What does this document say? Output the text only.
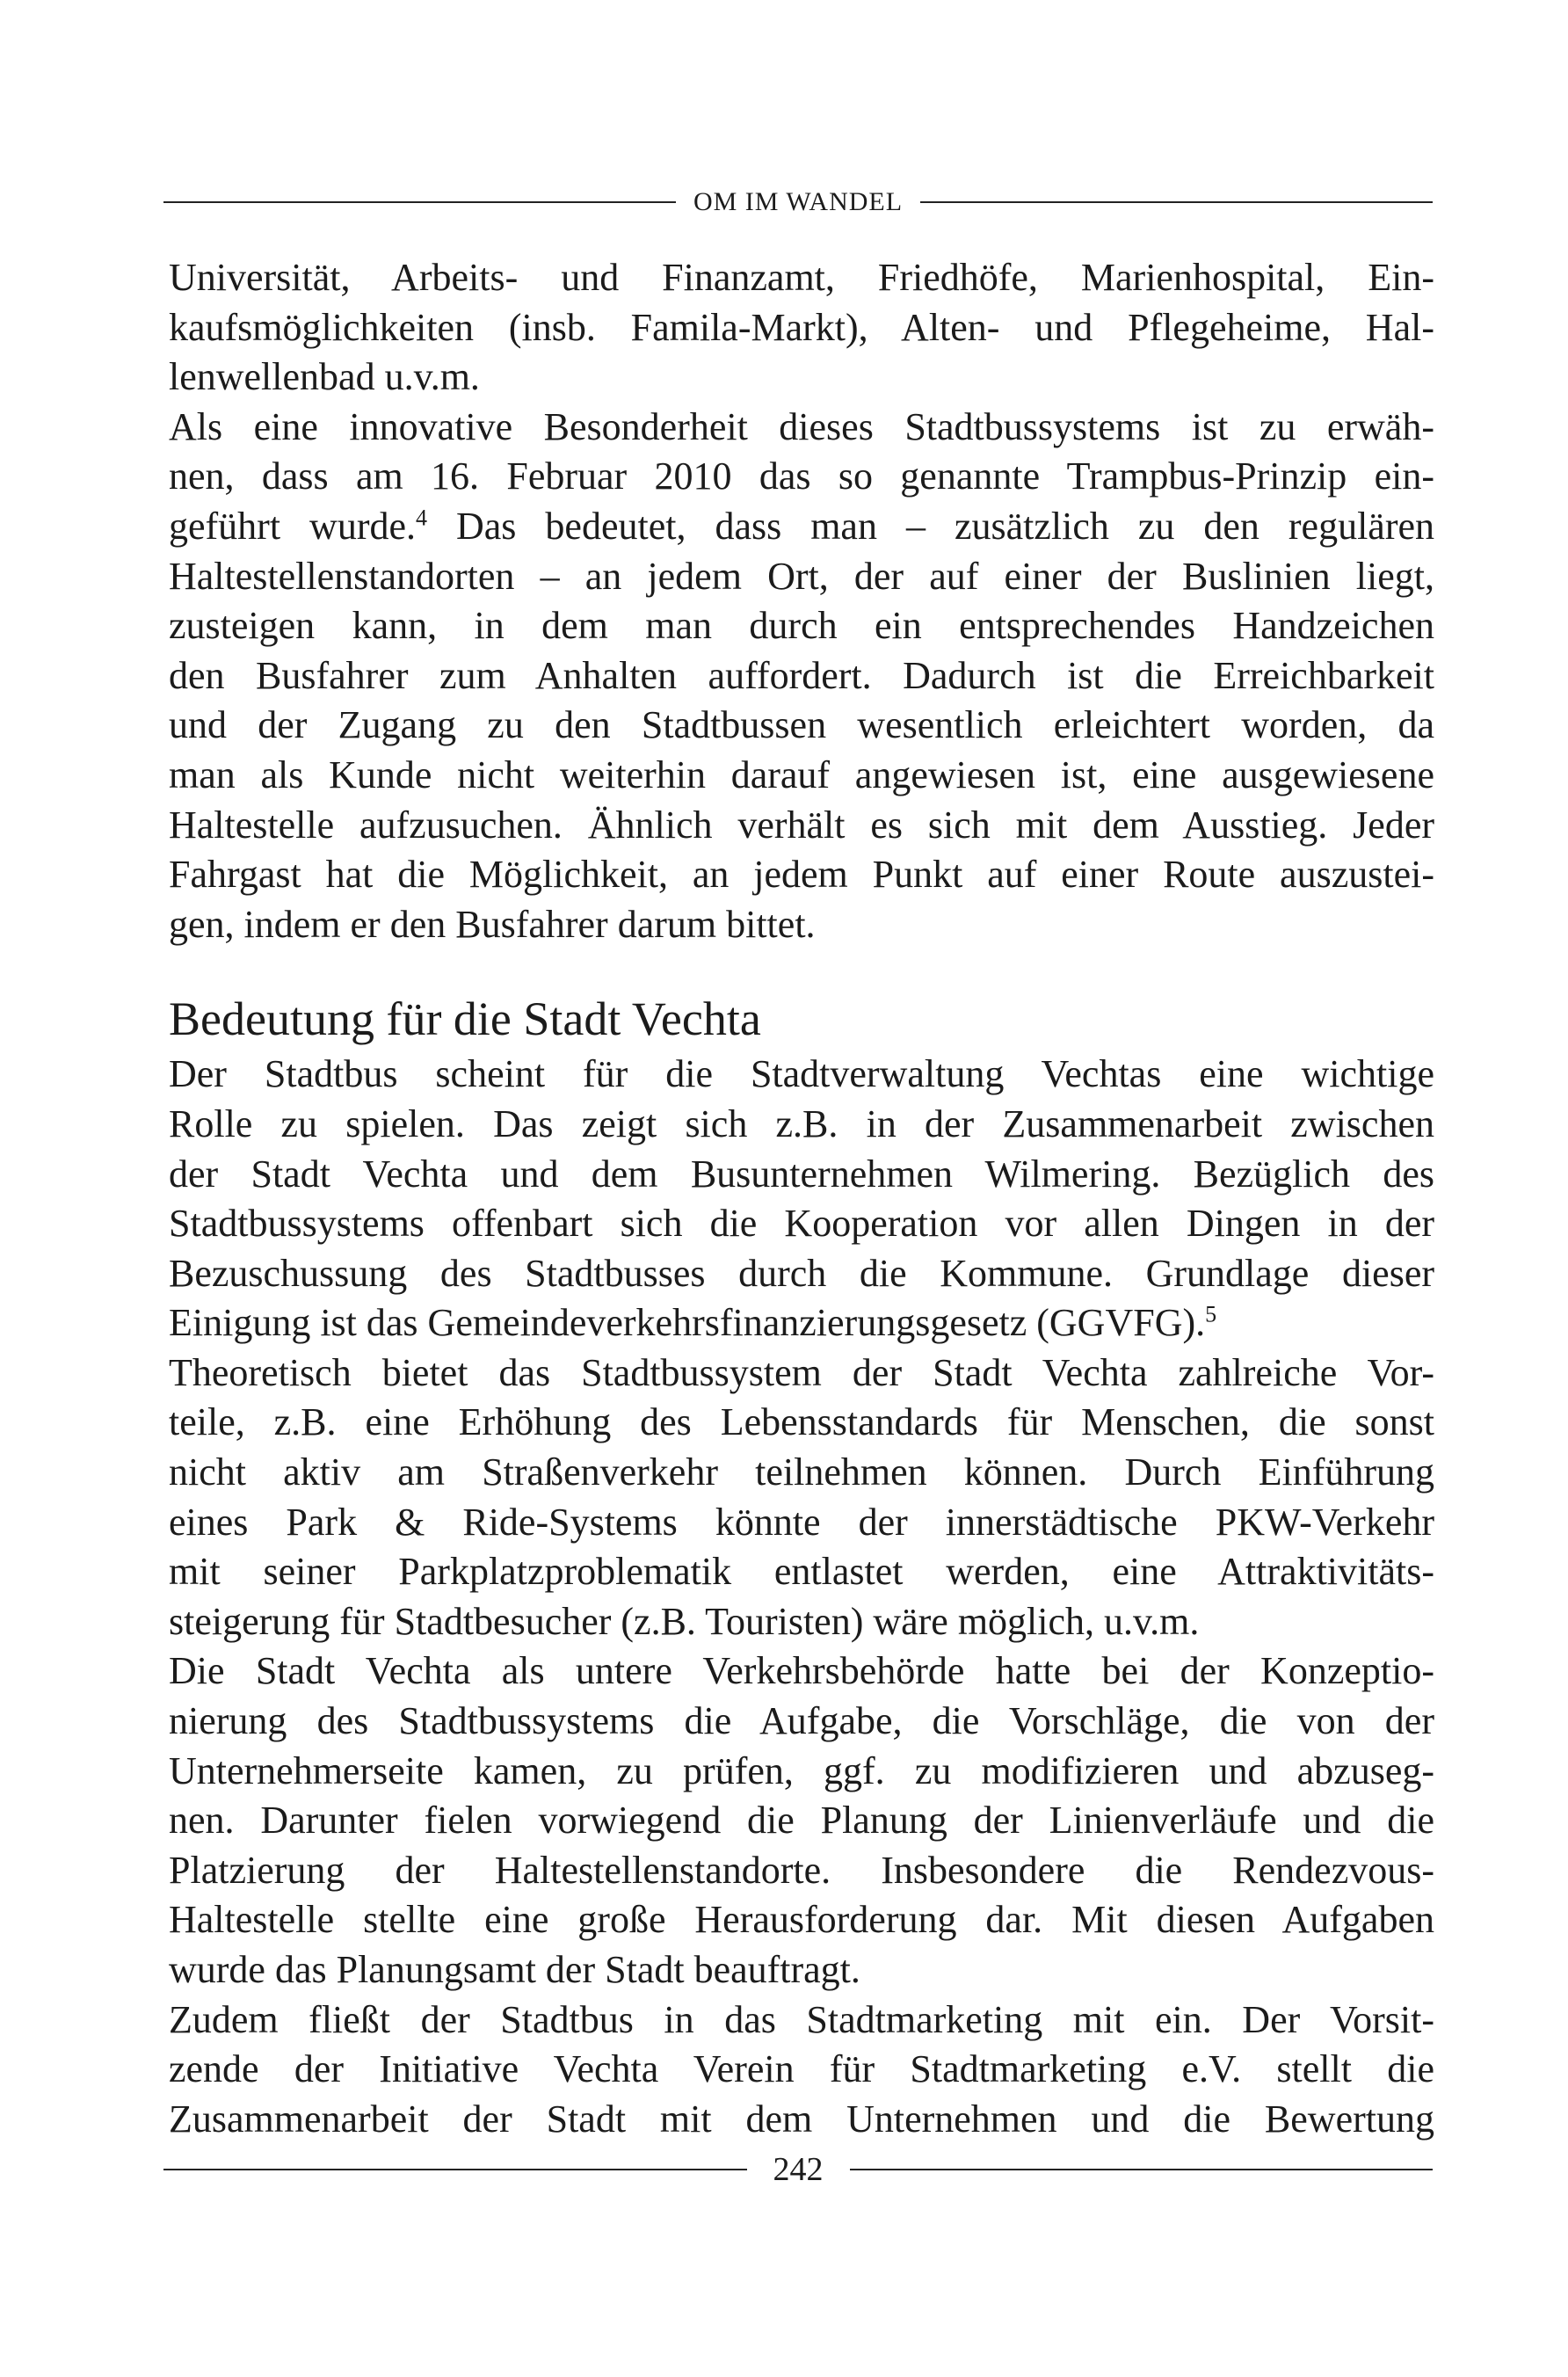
OM IM WANDEL
Universität, Arbeits- und Finanzamt, Friedhöfe, Marienhospital, Ein-
kaufsmöglichkeiten (insb. Famila-Markt), Alten- und Pflegeheime, Hal-
lenwellenbad u.v.m.
Als eine innovative Besonderheit dieses Stadtbussystems ist zu erwäh-
nen, dass am 16. Februar 2010 das so genannte Trampbus-Prinzip ein-
geführt wurde.$^4$ Das bedeutet, dass man – zusätzlich zu den regulären
Haltestellenstandorten – an jedem Ort, der auf einer der Buslinien liegt,
zusteigen kann, in dem man durch ein entsprechendes Handzeichen
den Busfahrer zum Anhalten auffordert. Dadurch ist die Erreichbarkeit
und der Zugang zu den Stadtbussen wesentlich erleichtert worden, da
man als Kunde nicht weiterhin darauf angewiesen ist, eine ausgewiesene
Haltestelle aufzusuchen. Ähnlich verhält es sich mit dem Ausstieg. Jeder
Fahrgast hat die Möglichkeit, an jedem Punkt auf einer Route auszustei-
gen, indem er den Busfahrer darum bittet.
Bedeutung für die Stadt Vechta
Der Stadtbus scheint für die Stadtverwaltung Vechtas eine wichtige
Rolle zu spielen. Das zeigt sich z.B. in der Zusammenarbeit zwischen
der Stadt Vechta und dem Busunternehmen Wilmering. Bezüglich des
Stadtbussystems offenbart sich die Kooperation vor allen Dingen in der
Bezuschussung des Stadtbusses durch die Kommune. Grundlage dieser
Einigung ist das Gemeindeverkehrsfinanzierungsgesetz (GGVFG).$^5$
Theoretisch bietet das Stadtbussystem der Stadt Vechta zahlreiche Vor-
teile, z.B. eine Erhöhung des Lebensstandards für Menschen, die sonst
nicht aktiv am Straßenverkehr teilnehmen können. Durch Einführung
eines Park & Ride-Systems könnte der innerstädtische PKW-Verkehr
mit seiner Parkplatzproblematik entlastet werden, eine Attraktivitäts-
steigerung für Stadtbesucher (z.B. Touristen) wäre möglich, u.v.m.
Die Stadt Vechta als untere Verkehrsbehörde hatte bei der Konzeptio-
nierung des Stadtbussystems die Aufgabe, die Vorschläge, die von der
Unternehmerseite kamen, zu prüfen, ggf. zu modifizieren und abzuseg-
nen. Darunter fielen vorwiegend die Planung der Linienverläufe und die
Platzierung der Haltestellenstandorte. Insbesondere die Rendezvous-
Haltestelle stellte eine große Herausforderung dar. Mit diesen Aufgaben
wurde das Planungsamt der Stadt beauftragt.
Zudem fließt der Stadtbus in das Stadtmarketing mit ein. Der Vorsit-
zende der Initiative Vechta Verein für Stadtmarketing e.V. stellt die
Zusammenarbeit der Stadt mit dem Unternehmen und die Bewertung
242
